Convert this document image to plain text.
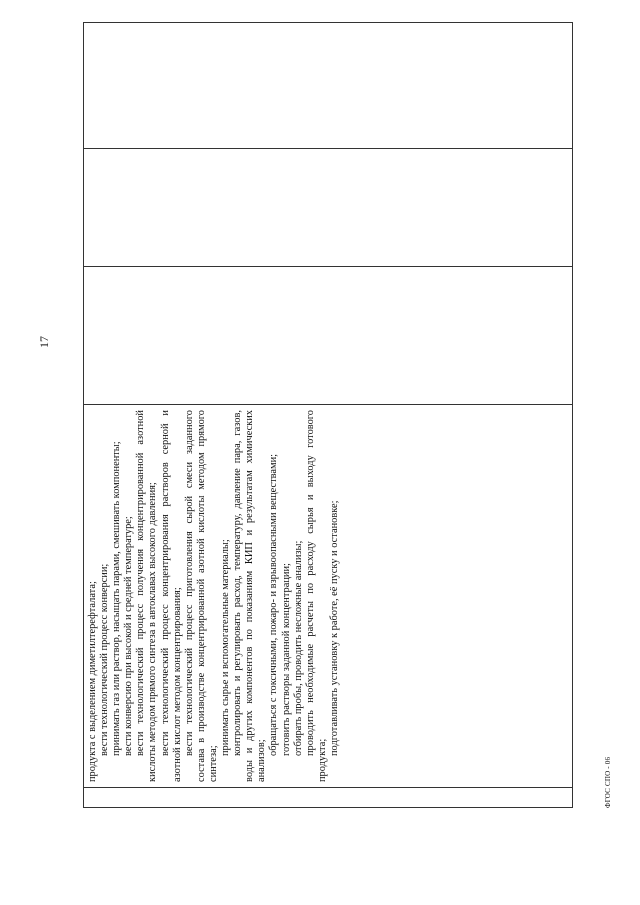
17

продукта с выделением диметилтерефталата; вести технологический процесс конверсии; принимать газ или раствор, насыщать парами, смешивать компоненты; вести конверсию при высокой и средней температуре; вести технологический процесс получения концентрированной азотной кислоты методом прямого синтеза в автоклавах высокого давления; вести технологический процесс концентрирования растворов серной и азотной кислот методом концентрирования; вести технологический процесс приготовления сырой смеси заданного состава в производстве концентрированной азотной кислоты методом прямого синтеза;
принимать сырье и вспомогательные материалы; контролировать и регулировать расход, температуру, давление пара, газов, воды и других компонентов по показаниям КИП и результатам химических анализов;
обращаться с токсичными, пожаро- и взрывоопасными веществами; готовить растворы заданной концентрации; отбирать пробы, проводить несложные анализы; проводить необходимые расчеты по расходу сырья и выходу готового продукта;
подготавливать установку к работе, её пуску и остановке;

ФГОС СПО - 06
